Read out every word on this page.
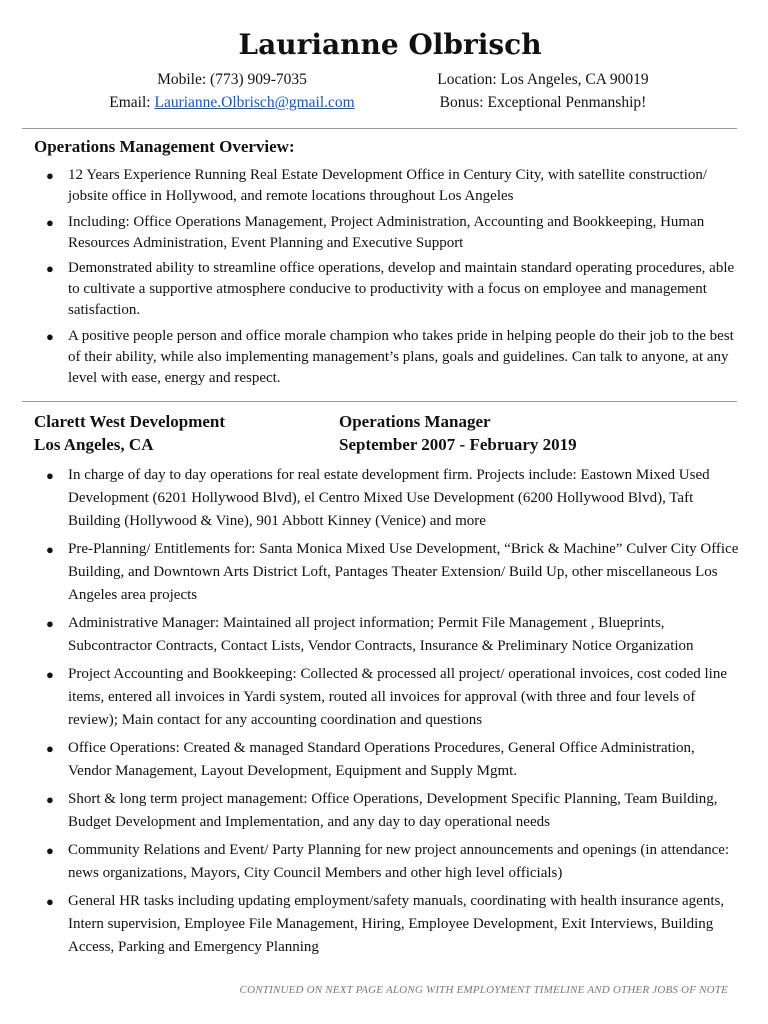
Laurianne Olbrisch
Mobile: (773) 909-7035
Email: Laurianne.Olbrisch@gmail.com
Location: Los Angeles, CA 90019
Bonus: Exceptional Penmanship!
Operations Management Overview:
● 12 Years Experience Running Real Estate Development Office in Century City, with satellite construction/ jobsite office in Hollywood, and remote locations throughout Los Angeles
● Including: Office Operations Management, Project Administration, Accounting and Bookkeeping, Human Resources Administration, Event Planning and Executive Support
● Demonstrated ability to streamline office operations, develop and maintain standard operating procedures, able to cultivate a supportive atmosphere conducive to productivity with a focus on employee and management satisfaction.
● A positive people person and office morale champion who takes pride in helping people do their job to the best of their ability, while also implementing management’s plans, goals and guidelines. Can talk to anyone, at any level with ease, energy and respect.
Clarett West Development
Los Angeles, CA
Operations Manager
September 2007 - February 2019
● In charge of day to day operations for real estate development firm. Projects include: Eastown Mixed Used Development (6201 Hollywood Blvd), el Centro Mixed Use Development (6200 Hollywood Blvd), Taft Building (Hollywood & Vine), 901 Abbott Kinney (Venice) and more
● Pre-Planning/ Entitlements for: Santa Monica Mixed Use Development, “Brick & Machine” Culver City Office Building, and Downtown Arts District Loft, Pantages Theater Extension/ Build Up, other miscellaneous Los Angeles area projects
● Administrative Manager: Maintained all project information; Permit File Management , Blueprints, Subcontractor Contracts, Contact Lists, Vendor Contracts, Insurance & Preliminary Notice Organization
● Project Accounting and Bookkeeping: Collected & processed all project/ operational invoices, cost coded line items, entered all invoices in Yardi system, routed all invoices for approval (with three and four levels of review); Main contact for any accounting coordination and questions
● Office Operations: Created & managed Standard Operations Procedures, General Office Administration, Vendor Management, Layout Development, Equipment and Supply Mgmt.
● Short & long term project management: Office Operations, Development Specific Planning, Team Building, Budget Development and Implementation, and any day to day operational needs
● Community Relations and Event/ Party Planning for new project announcements and openings (in attendance: news organizations, Mayors, City Council Members and other high level officials)
● General HR tasks including updating employment/safety manuals, coordinating with health insurance agents, Intern supervision, Employee File Management, Hiring, Employee Development, Exit Interviews, Building Access, Parking and Emergency Planning
CONTINUED ON NEXT PAGE ALONG WITH EMPLOYMENT TIMELINE AND OTHER JOBS OF NOTE
